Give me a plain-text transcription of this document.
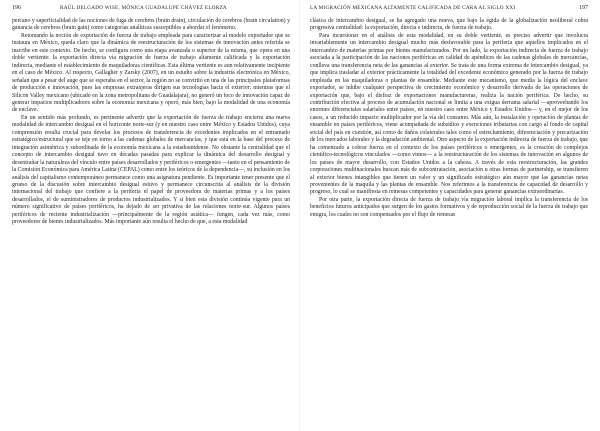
196	RAÚL DELGADO WISE, MÓNICA GUADALUPE CHÁVEZ ELORZA

percano y superficialidad de las nociones de fuga de cerebros (brain drain), circulación de cerebros (brain circulation) y ganancia de cerebros (brain gain) como categorías analíticas susceptibles a abordar el fenómeno.

Retomando la noción de exportación de fuerza de trabajo empleada para caracterizar al modelo exportador que se instaura en México, queda claro que la dinámica de reestructuración de los sistemas de innovación antes referida se inscribe en este contexto. De hecho, se configura como una etapa avanzada o superior de la misma, que opera en una doble vertiente: la exportación directa vía migración de fuerza de trabajo altamente calificada y la exportación indirecta, mediante el establecimiento de maquiladoras científicas. Esta última vertiente es aun relativamente incipiente en el caso de México. Al respecto, Gallagher y Zarsky (2007), en un estudio sobre la industria electrónica en México, señalan que a pesar del auge que se esperaba en el sector, la región no se convirtió en una de las principales plataformas de producción e innovación, pues las empresas extranjeras dirigen sus tecnologías hacia el exterior; mientras que el Silicon Valley mexicano (ubicado en la zona metropolitana de Guadalajara), no generó un foco de innovación capaz de generar impactos multiplicadores sobre la economía mexicana y operó, más bien, bajo la modalidad de una economía de enclave.

En un sentido más profundo, es pertinente advertir que la exportación de fuerza de trabajo encierra una nueva modalidad de intercambio desigual en el horizonte norte-sur (y en nuestro caso entre México y Estados Unidos), cuya comprensión resulta crucial para develar los procesos de transferencia de excedentes implicados en el entramado estratégico/estructural que se teje en torno a las cadenas globales de mercancías, y que está en la base del proceso de integración asimétrica y subordinada de la economía mexicana a la estadounidense. No obstante la centralidad que el concepto de intercambio desigual tuvo en décadas pasadas para explicar la dinámica del desarrollo desigual y desentrañar la naturaleza del vínculo entre países desarrollados y periféricos o emergentes —tanto en el pensamiento de la Comisión Económica para América Latina (CEPAL) como entre los teóricos de la dependencia—, su inclusión en los análisis del capitalismo contemporáneo permanece como una asignatura pendiente. Es importante tener presente que el grueso de la discusión sobre intercambio desigual estuvo y permanece circunscrita al análisis de la división internacional del trabajo que confiere a la periferia el papel de proveedora de materias primas y a los países desarrollados, el de suministradores de productos industrializados. Y si bien esta división continúa vigente para un número significativo de países periféricos, ha dejado de ser privativa de las relaciones norte-sur. Algunos países periféricos de reciente industrialización —principalmente de la región asiática— fungen, cada vez más, como proveedores de bienes industrializados. Más importante aún resulta el hecho de que, a esta modalidad

LA MIGRACIÓN MEXICANA ALTAMENTE CALIFICADA DE CARA AL SIGLO XXI	197

clásica de intercambio desigual, se ha agregado una nueva, que bajo la égida de la globalización neoliberal cobra progresiva centralidad: la exportación, directa e indirecta, de fuerza de trabajo.

Para incursionar en el análisis de esta modalidad, en su doble vertiente, es preciso advertir que involucra invariablemente un intercambio desigual mucho más desfavorable para la periferia que aquellos implicados en el intercambio de materias primas por bienes manufacturados. Por un lado, la exportación indirecta de fuerza de trabajo asociada a la participación de las naciones periféricas en calidad de apéndices de las cadenas globales de mercancías, conlleva una transferencia neta de las ganancias al exterior. Se trata de una forma extrema de intercambio desigual, ya que implica trasladar al exterior prácticamente la totalidad del excedente económico generado por la fuerza de trabajo empleada en las maquiladoras o plantas de ensamble. Mediante este mecanismo, que media la lógica del enclave exportador, se inhibe cualquier perspectiva de crecimiento económico y desarrollo derivada de las operaciones de exportación que, bajo el disfraz de exportaciones manufactureras, realiza la nación periférica. De hecho, su contribución efectiva al proceso de acumulación nacional se limita a una exigua derrama salarial —aproveehando los enormes diferenciales salariales entre países, en nuestro caso entre México y Estados Unidos— y, en el mejor de los casos, a un reducido impacto multiplicador por la vía del consumo. Más aún, la instalación y operación de plantas de ensamble en países periféricos, viene acompañada de subsidios y exenciones tributarias con cargo al fondo de capital social del país en cuestión, así como de daños colaterales tales como el estrechamiento, diferenciación y precarización de los mercados laborales y la degradación ambiental. Otro aspecto de la exportación indirecta de fuerza de trabajo, que ha comenzado a cobrar fuerza en el contexto de los países periféricos o emergentes, es la creación de complejos científico-tecnológicos vinculados —como vimos— a la reestructuración de los sistemas de innovación en algunos de los países de mayor desarrollo, con Estados Unidos a la cabeza. A través de esta reestructuración, las grandes corporaciones multinacionales buscan más de subcontratación, asociación u otras formas de partnership, se transfieren al exterior bienes intangibles que tienen un valor y un significado estratégico aún mayor que las ganancias netas provenientes de la maquila y las plantas de ensamble. Nos referimos a la transferencia de capacidad de desarrollo y progreso, lo cual se manifiesta en remesas competentes y capacidades para generar ganancias extraordinarias.

Por otra parte, la exportación directa de fuerza de trabajo vía migración laboral implica la transferencia de los beneficios futuros anticipados que surgen de los gastos formativos y de reproducción social de la fuerza de trabajo que emigra, los cuales no son compensados por el flujo de remesas
